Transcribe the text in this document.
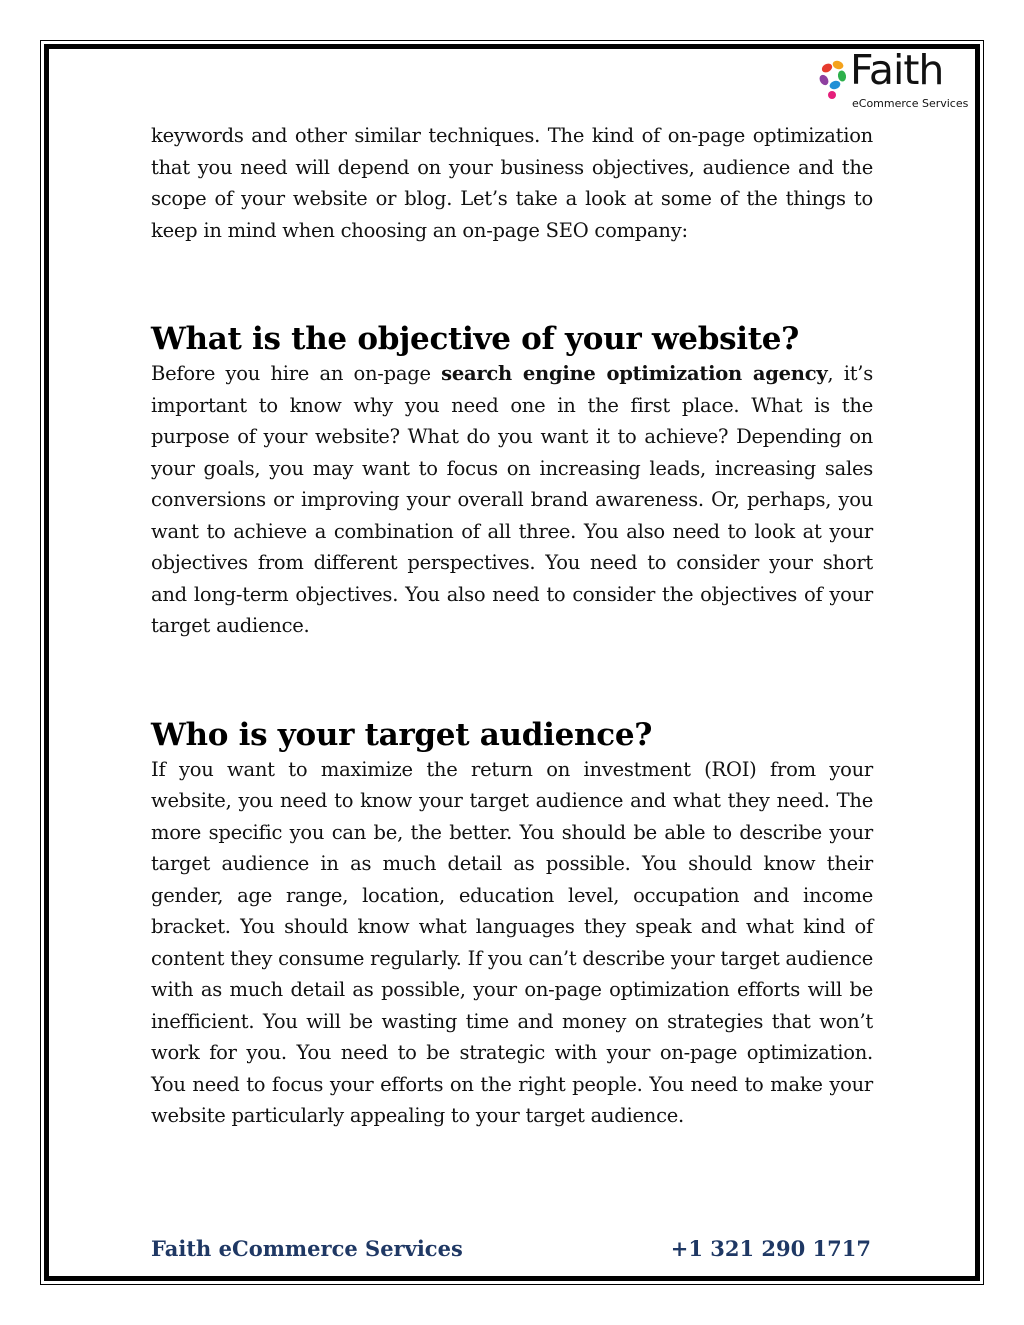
Faith
eCommerce Services

keywords and other similar techniques. The kind of on-page optimization that you need will depend on your business objectives, audience and the scope of your website or blog. Let’s take a look at some of the things to keep in mind when choosing an on-page SEO company:

What is the objective of your website?

Before you hire an on-page search engine optimization agency, it’s important to know why you need one in the first place. What is the purpose of your website? What do you want it to achieve? Depending on your goals, you may want to focus on increasing leads, increasing sales conversions or improving your overall brand awareness. Or, perhaps, you want to achieve a combination of all three. You also need to look at your objectives from different perspectives. You need to consider your short and long-term objectives. You also need to consider the objectives of your target audience.

Who is your target audience?

If you want to maximize the return on investment (ROI) from your website, you need to know your target audience and what they need. The more specific you can be, the better. You should be able to describe your target audience in as much detail as possible. You should know their gender, age range, location, education level, occupation and income bracket. You should know what languages they speak and what kind of content they consume regularly. If you can’t describe your target audience with as much detail as possible, your on-page optimization efforts will be inefficient. You will be wasting time and money on strategies that won’t work for you. You need to be strategic with your on-page optimization. You need to focus your efforts on the right people. You need to make your website particularly appealing to your target audience.

Faith eCommerce Services	+1 321 290 1717
